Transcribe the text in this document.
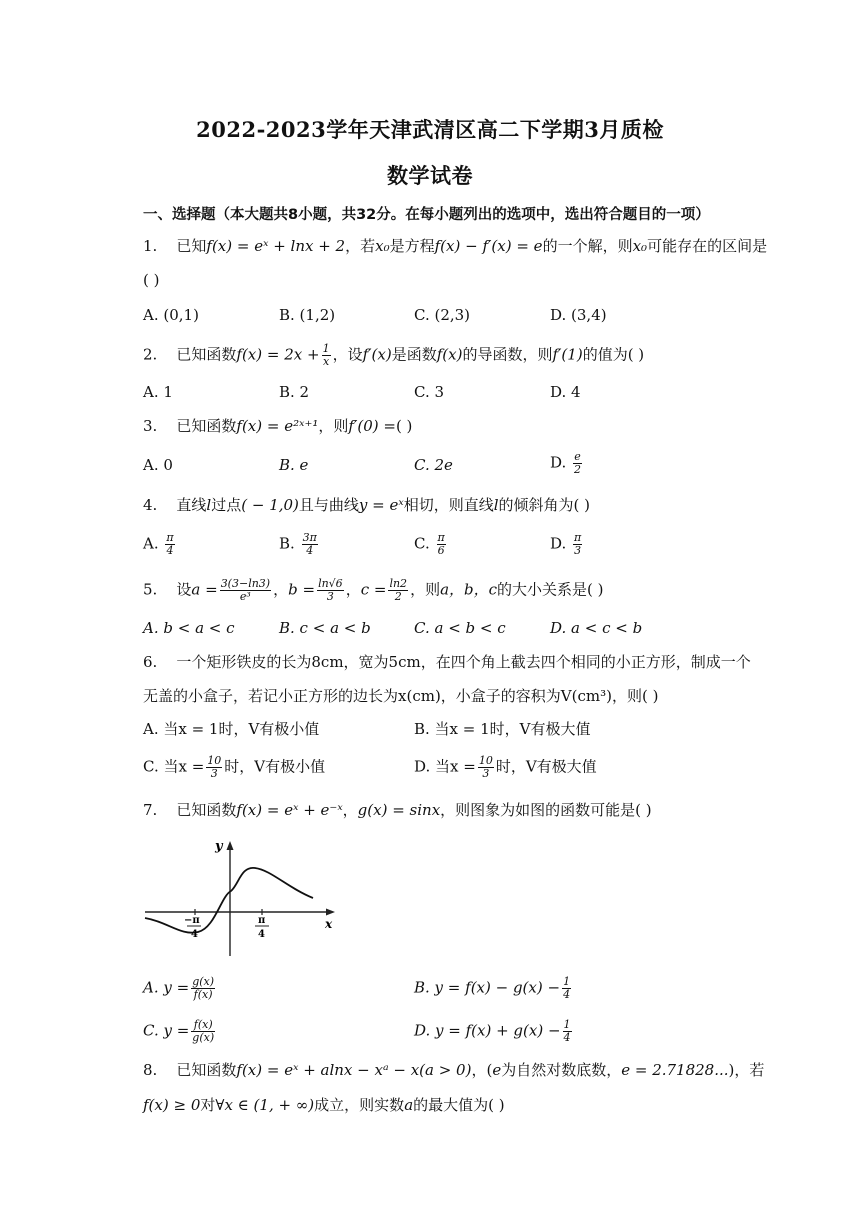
2022-2023学年天津武清区高二下学期3月质检
数学试卷
一、选择题（本大题共8小题，共32分。在每小题列出的选项中，选出符合题目的一项）
1. 已知f(x) = eˣ + lnx + 2，若x₀是方程f(x) − f′(x) = e的一个解，则x₀可能存在的区间是
( )
A. (0,1)	B. (1,2)	C. (2,3)	D. (3,4)
2. 已知函数$f(x) = 2x + \frac{1}{x}$ ，设f′(x)是函数f(x)的导函数，则f′(1)的值为( )
A. 1	B. 2	C. 3	D. 4
3. 已知函数f(x) = e²ˣ⁺¹，则f′(0) =( )
A. 0	B. e	C. 2e	D. $\frac{e}{2}$
4. 直线l过点( − 1,0)且与曲线y = eˣ相切，则直线l的倾斜角为( )
A. $\frac{\pi}{4}$	B. $\frac{3\pi}{4}$	C. $\frac{\pi}{6}$	D. $\frac{\pi}{3}$
5. 设$a = \frac{3(3-\ln 3)}{\text{e³}}$ ，$b = \frac{\ln√6}{3}$ ，$c = \frac{\ln 2}{2}$ ，则a，b，c的大小关系是( )
A. b < a < c	B. c < a < b	C. a < b < c	D. a < c < b
6. 一个矩形铁皮的长为8cm，宽为5cm，在四个角上截去四个相同的小正方形，制成一个
无盖的小盒子，若记小正方形的边长为x(cm)，小盒子的容积为V(cm³)，则( )
A. 当x = 1时，V有极小值	B. 当x = 1时，V有极大值
C. 当$x = \frac{10}{3}$ 时，V有极小值	D. 当$x = \frac{10}{3}$ 时，V有极大值
7. 已知函数f(x) = eˣ + e⁻ˣ，g(x) = sinx，则图象为如图的函数可能是( )
y
x
−π
4
π
4
A. $y = \frac{g(x)}{f(x)}$	B. $y = f(x) - g(x) - \frac{1}{4}$
C. $y = \frac{f(x)}{g(x)}$	D. $y = f(x) + g(x) - \frac{1}{4}$
8. 已知函数f(x) = eˣ + alnx − xᵃ − x(a > 0)，(e为自然对数底数，e = 2.71828...)，若
f(x) ≥ 0对∀x ∈ (1, + ∞)成立，则实数a的最大值为( )
